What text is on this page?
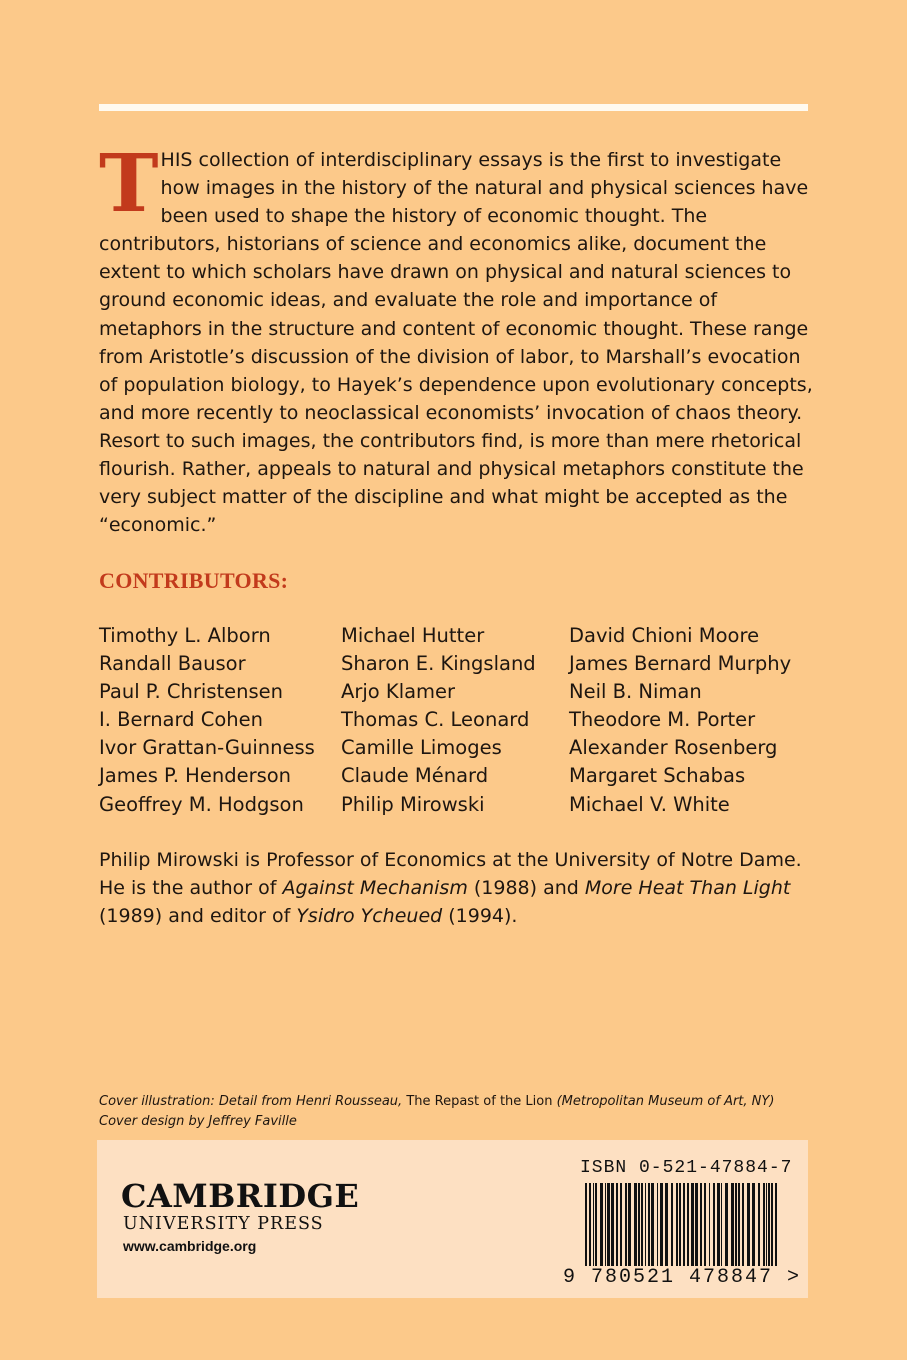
THIS collection of interdisciplinary essays is the first to investigate how images in the history of the natural and physical sciences have been used to shape the history of economic thought. The contributors, historians of science and economics alike, document the extent to which scholars have drawn on physical and natural sciences to ground economic ideas, and evaluate the role and importance of metaphors in the structure and content of economic thought. These range from Aristotle’s discussion of the division of labor, to Marshall’s evocation of population biology, to Hayek’s dependence upon evolutionary concepts, and more recently to neoclassical economists’ invocation of chaos theory. Resort to such images, the contributors find, is more than mere rhetorical flourish. Rather, appeals to natural and physical metaphors constitute the very subject matter of the discipline and what might be accepted as the “economic.”

CONTRIBUTORS:
Timothy L. Alborn
Randall Bausor
Paul P. Christensen
I. Bernard Cohen
Ivor Grattan-Guinness
James P. Henderson
Geoffrey M. Hodgson
Michael Hutter
Sharon E. Kingsland
Arjo Klamer
Thomas C. Leonard
Camille Limoges
Claude Ménard
Philip Mirowski
David Chioni Moore
James Bernard Murphy
Neil B. Niman
Theodore M. Porter
Alexander Rosenberg
Margaret Schabas
Michael V. White

Philip Mirowski is Professor of Economics at the University of Notre Dame. He is the author of Against Mechanism (1988) and More Heat Than Light (1989) and editor of Ysidro Ycheued (1994).

Cover illustration: Detail from Henri Rousseau, The Repast of the Lion (Metropolitan Museum of Art, NY)
Cover design by Jeffrey Faville

CAMBRIDGE

UNIVERSITY PRESS

www.cambridge.org

ISBN 0-521-47884-7

9 780521 478847 >
